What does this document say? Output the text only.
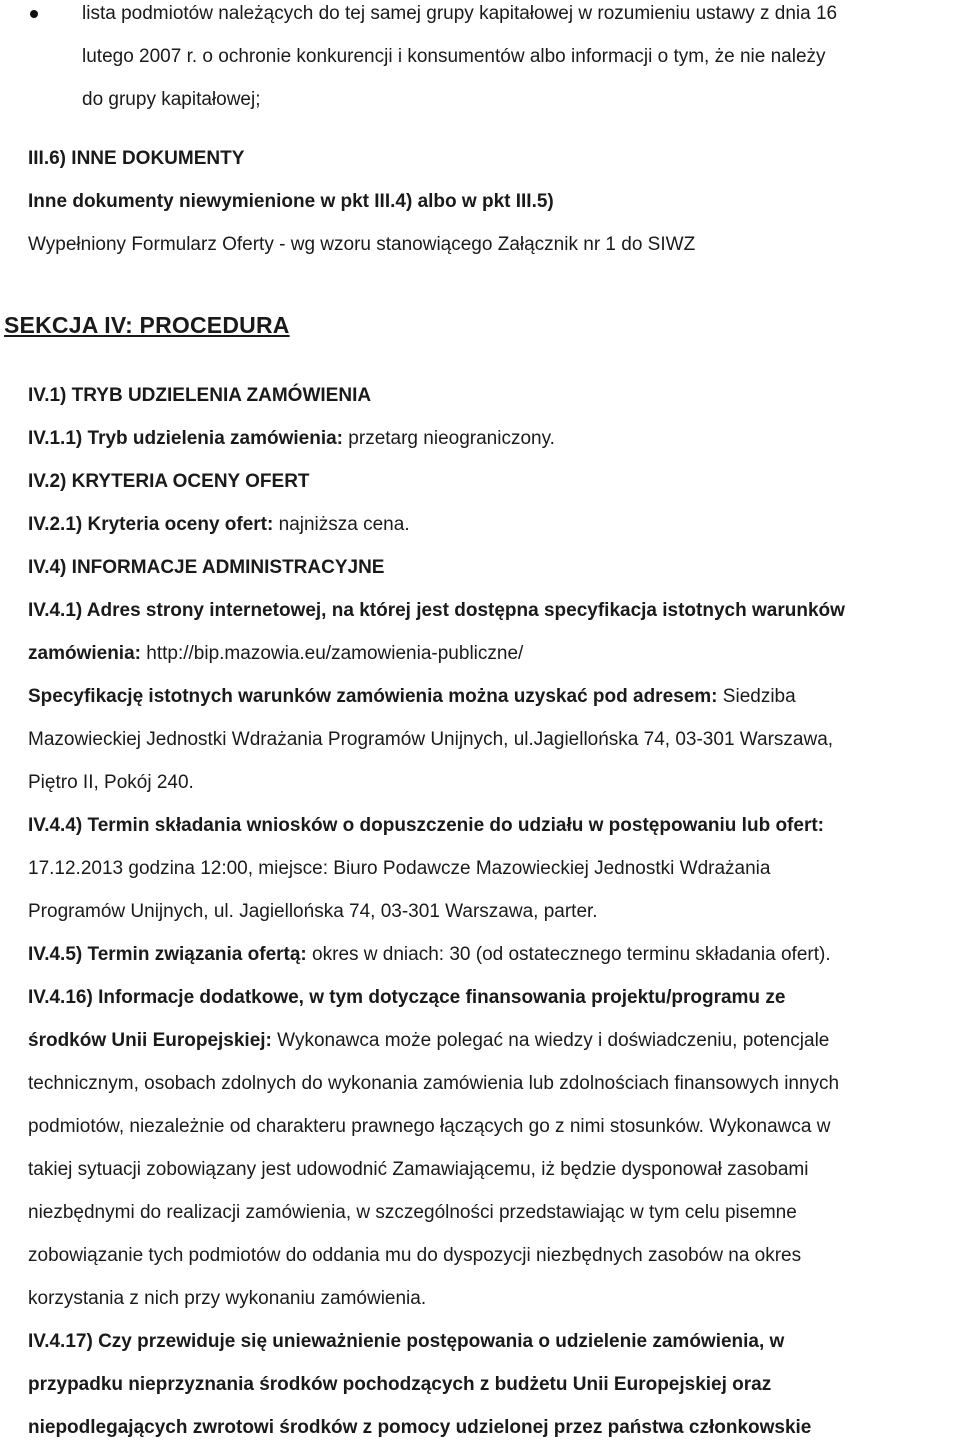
lista podmiotów należących do tej samej grupy kapitałowej w rozumieniu ustawy z dnia 16
lutego 2007 r. o ochronie konkurencji i konsumentów albo informacji o tym, że nie należy
do grupy kapitałowej;
III.6) INNE DOKUMENTY
Inne dokumenty niewymienione w pkt III.4) albo w pkt III.5)
Wypełniony Formularz Oferty - wg wzoru stanowiącego Załącznik nr 1 do SIWZ
SEKCJA IV: PROCEDURA
IV.1) TRYB UDZIELENIA ZAMÓWIENIA
IV.1.1) Tryb udzielenia zamówienia: przetarg nieograniczony.
IV.2) KRYTERIA OCENY OFERT
IV.2.1) Kryteria oceny ofert: najniższa cena.
IV.4) INFORMACJE ADMINISTRACYJNE
IV.4.1) Adres strony internetowej, na której jest dostępna specyfikacja istotnych warunków
zamówienia: http://bip.mazowia.eu/zamowienia-publiczne/
Specyfikację istotnych warunków zamówienia można uzyskać pod adresem: Siedziba
Mazowieckiej Jednostki Wdrażania Programów Unijnych, ul.Jagiellońska 74, 03-301 Warszawa,
Piętro II, Pokój 240.
IV.4.4) Termin składania wniosków o dopuszczenie do udziału w postępowaniu lub ofert:
17.12.2013 godzina 12:00, miejsce: Biuro Podawcze Mazowieckiej Jednostki Wdrażania
Programów Unijnych, ul. Jagiellońska 74, 03-301 Warszawa, parter.
IV.4.5) Termin związania ofertą: okres w dniach: 30 (od ostatecznego terminu składania ofert).
IV.4.16) Informacje dodatkowe, w tym dotyczące finansowania projektu/programu ze
środków Unii Europejskiej: Wykonawca może polegać na wiedzy i doświadczeniu, potencjale
technicznym, osobach zdolnych do wykonania zamówienia lub zdolnościach finansowych innych
podmiotów, niezależnie od charakteru prawnego łączących go z nimi stosunków. Wykonawca w
takiej sytuacji zobowiązany jest udowodnić Zamawiającemu, iż będzie dysponował zasobami
niezbędnymi do realizacji zamówienia, w szczególności przedstawiając w tym celu pisemne
zobowiązanie tych podmiotów do oddania mu do dyspozycji niezbędnych zasobów na okres
korzystania z nich przy wykonaniu zamówienia.
IV.4.17) Czy przewiduje się unieważnienie postępowania o udzielenie zamówienia, w
przypadku nieprzyznania środków pochodzących z budżetu Unii Europejskiej oraz
niepodlegających zwrotowi środków z pomocy udzielonej przez państwa członkowskie
